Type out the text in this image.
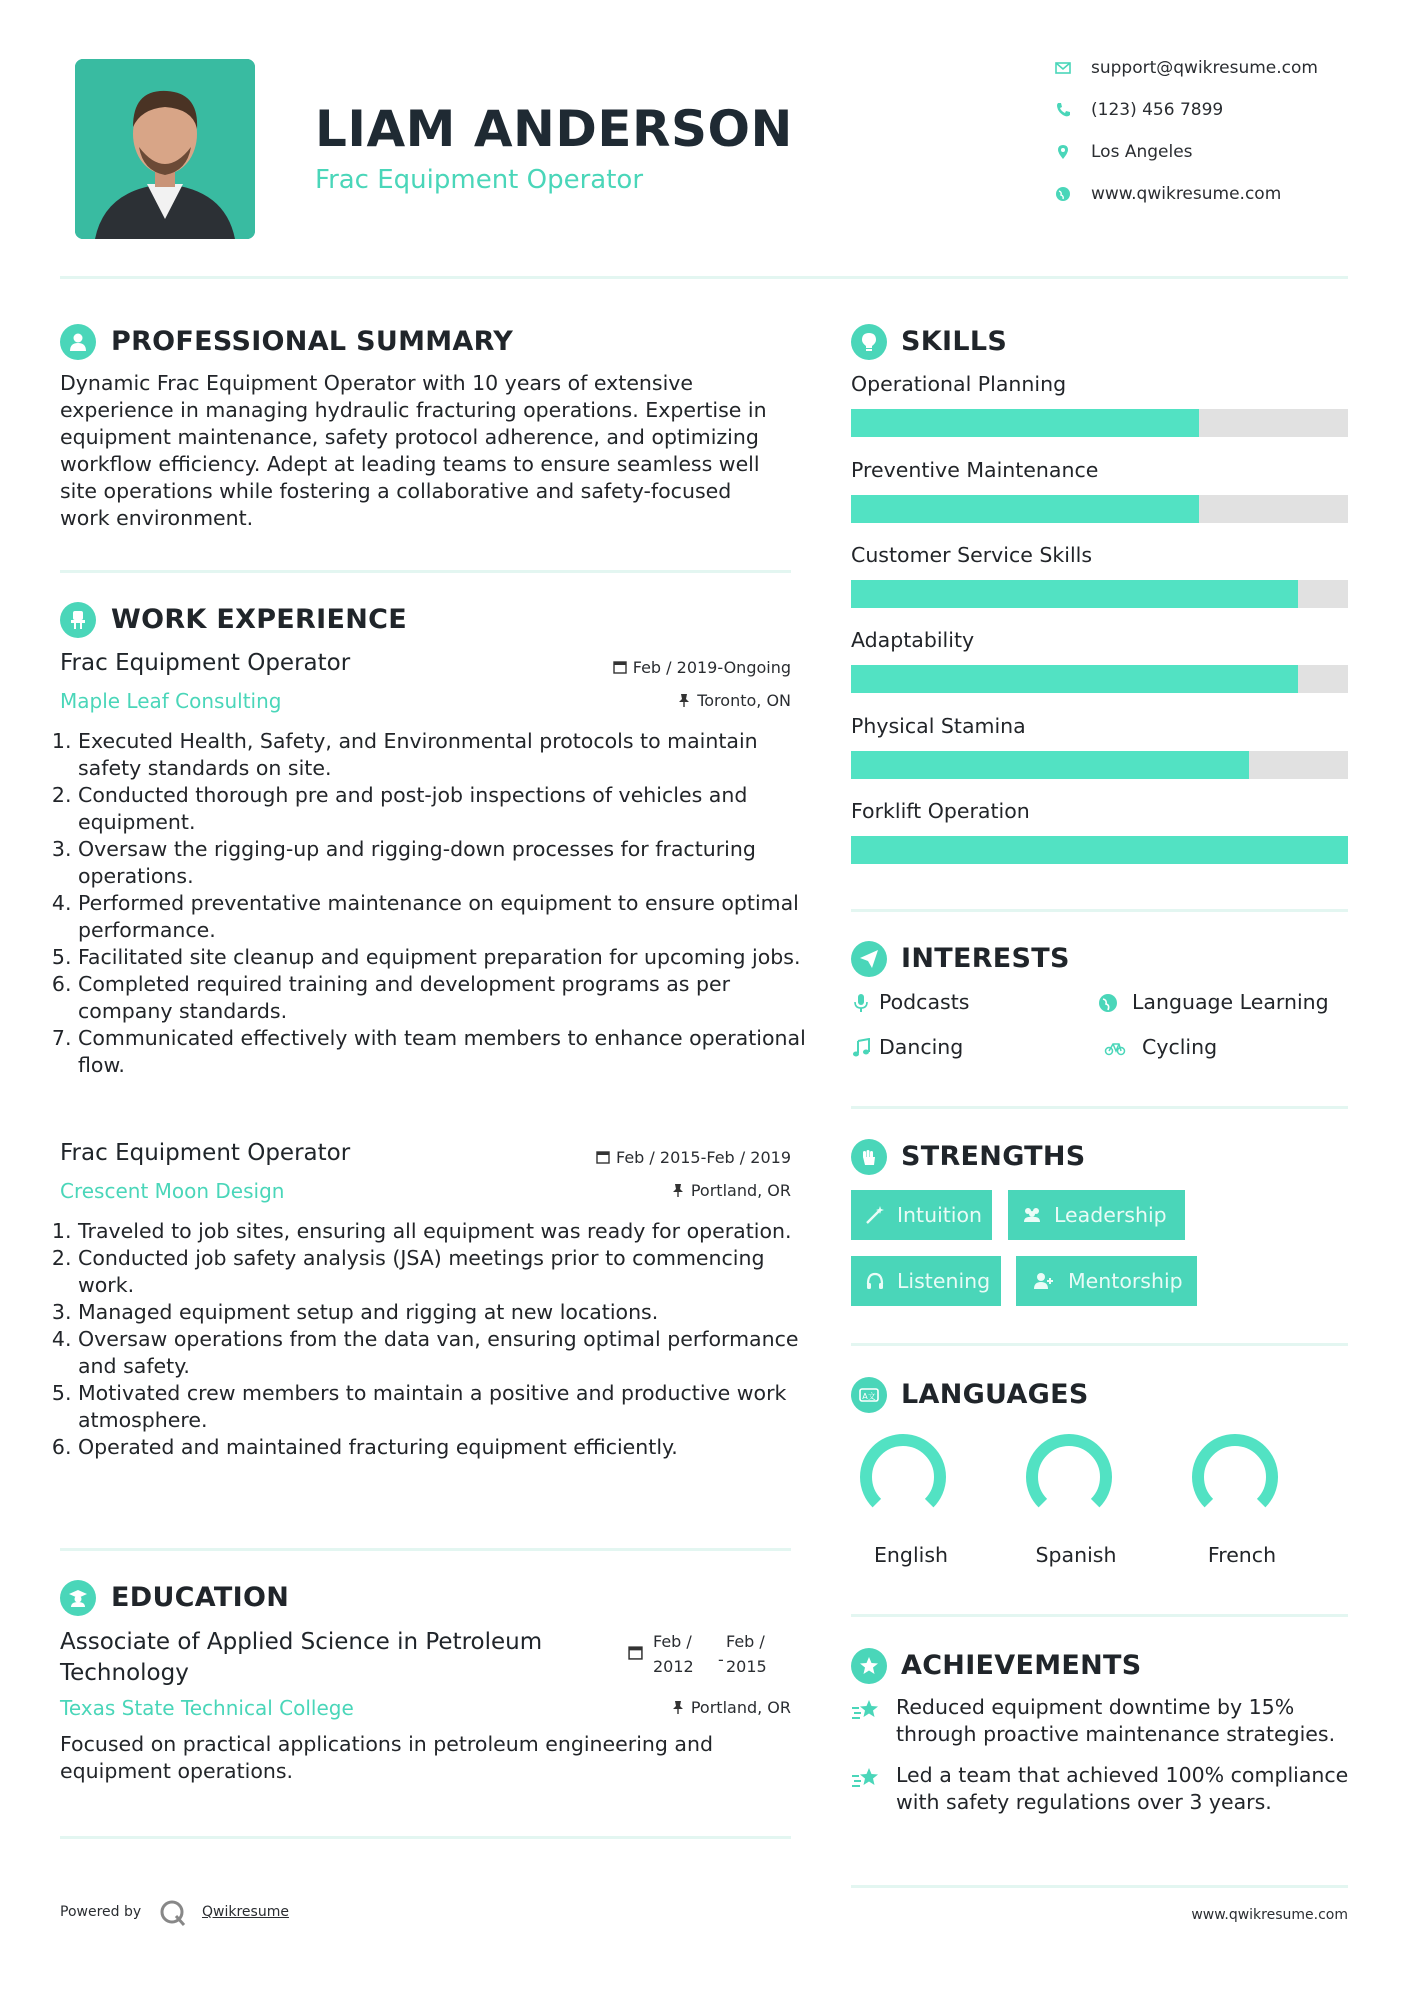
LIAM ANDERSON
Frac Equipment Operator
support@qwikresume.com
(123) 456 7899
Los Angeles
www.qwikresume.com
PROFESSIONAL SUMMARY
Dynamic Frac Equipment Operator with 10 years of extensive
experience in managing hydraulic fracturing operations. Expertise in
equipment maintenance, safety protocol adherence, and optimizing
workflow efficiency. Adept at leading teams to ensure seamless well
site operations while fostering a collaborative and safety-focused
work environment.
WORK EXPERIENCE
Frac Equipment Operator
Maple Leaf Consulting
Feb / 2019-Ongoing
Toronto, ON
1. Executed Health, Safety, and Environmental protocols to maintain safety standards on site.
2. Conducted thorough pre and post-job inspections of vehicles and equipment.
3. Oversaw the rigging-up and rigging-down processes for fracturing operations.
4. Performed preventative maintenance on equipment to ensure optimal performance.
5. Facilitated site cleanup and equipment preparation for upcoming jobs.
6. Completed required training and development programs as per company standards.
7. Communicated effectively with team members to enhance operational flow.
Frac Equipment Operator
Crescent Moon Design
Feb / 2015-Feb / 2019
Portland, OR
1. Traveled to job sites, ensuring all equipment was ready for operation.
2. Conducted job safety analysis (JSA) meetings prior to commencing work.
3. Managed equipment setup and rigging at new locations.
4. Oversaw operations from the data van, ensuring optimal performance and safety.
5. Motivated crew members to maintain a positive and productive work atmosphere.
6. Operated and maintained fracturing equipment efficiently.
EDUCATION
Associate of Applied Science in Petroleum
Technology
Feb /
2012 -
Feb /
2015
Texas State Technical College	Portland, OR
Focused on practical applications in petroleum engineering and equipment operations.
SKILLS
Operational Planning
Preventive Maintenance
Customer Service Skills
Adaptability
Physical Stamina
Forklift Operation
INTERESTS
Podcasts	Language Learning
Dancing	Cycling
STRENGTHS
Intuition	Leadership
Listening	Mentorship
A文 LANGUAGES
English	Spanish	French
ACHIEVEMENTS
Reduced equipment downtime by 15% through proactive maintenance strategies.
Led a team that achieved 100% compliance with safety regulations over 3 years.
Powered by	Qwikresume	www.qwikresume.com
